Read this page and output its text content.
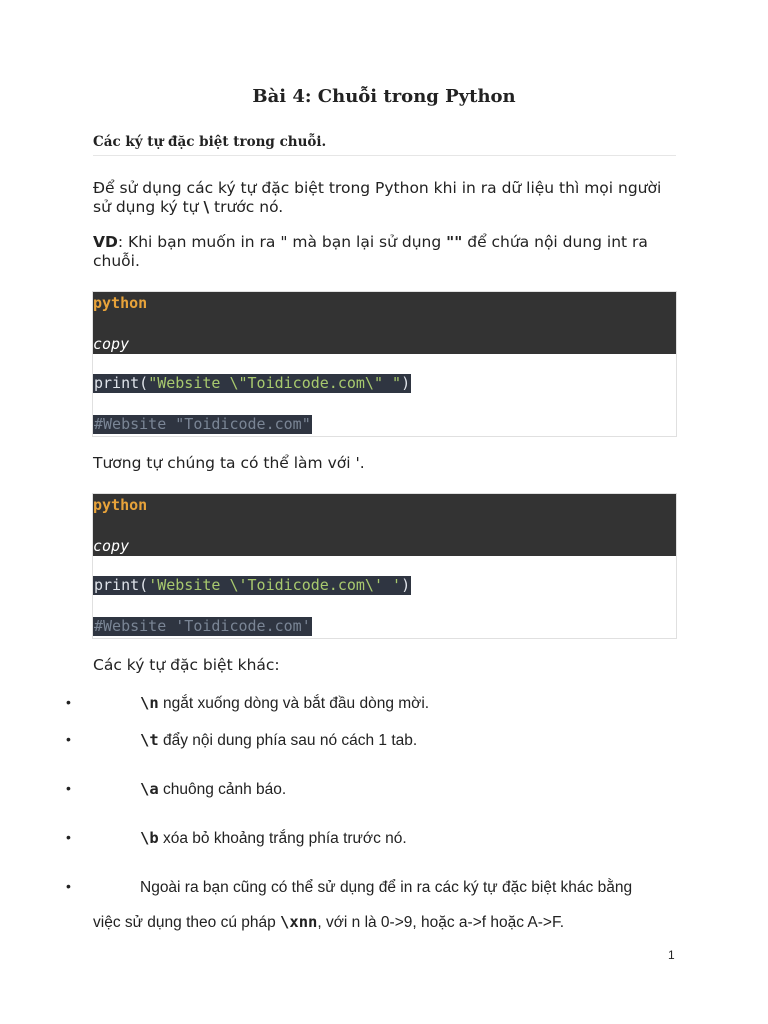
Bài 4: Chuỗi trong Python
Các ký tự đặc biệt trong chuỗi.
Để sử dụng các ký tự đặc biệt trong Python khi in ra dữ liệu thì mọi người sử dụng ký tự \ trước nó.
VD: Khi bạn muốn in ra " mà bạn lại sử dụng "" để chứa nội dung int ra chuỗi.
python
copy
print("Website \"Toidicode.com\" ")
#Website "Toidicode.com"
Tương tự chúng ta có thể làm với '.
python
copy
print('Website \'Toidicode.com\' ')
#Website 'Toidicode.com'
Các ký tự đặc biệt khác:
•	\n ngắt xuống dòng và bắt đầu dòng mời.
•	\t đẩy nội dung phía sau nó cách 1 tab.
•	\a chuông cảnh báo.
•	\b xóa bỏ khoảng trắng phía trước nó.
•	Ngoài ra bạn cũng có thể sử dụng để in ra các ký tự đặc biệt khác bằng
việc sử dụng theo cú pháp \xnn, với n là 0->9, hoặc a->f hoặc A->F.
1
